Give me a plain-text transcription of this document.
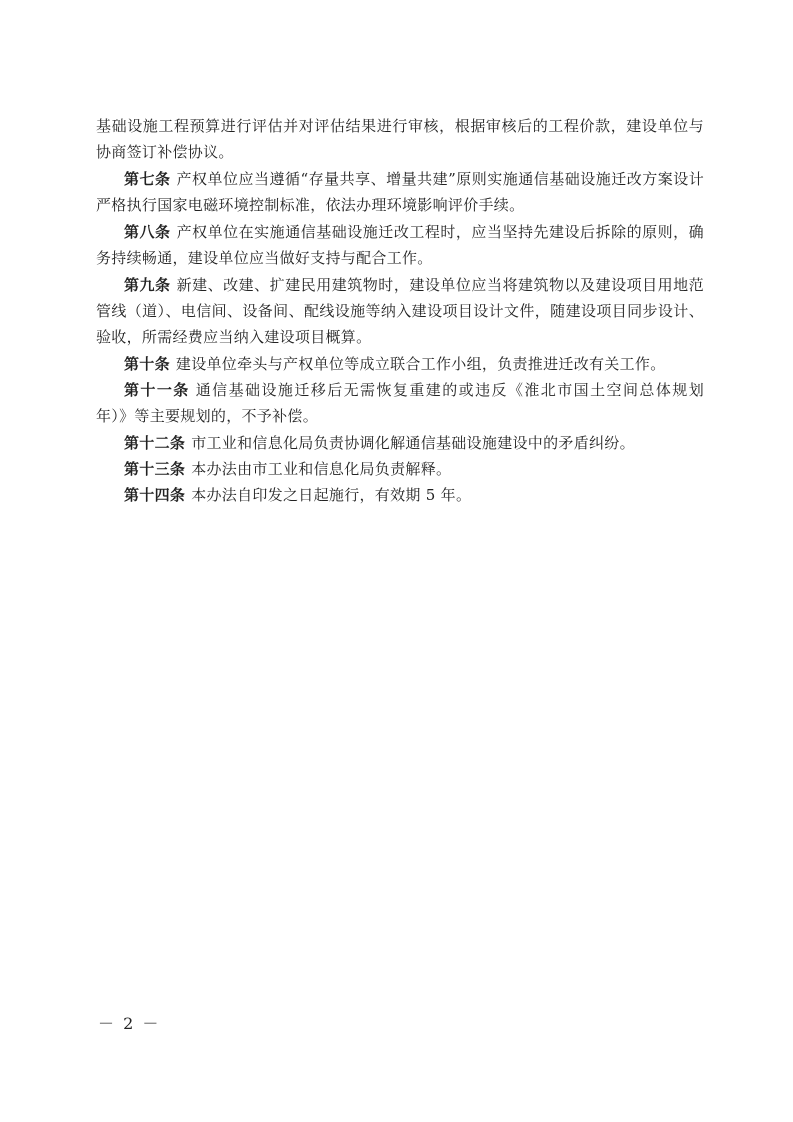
基础设施工程预算进行评估并对评估结果进行审核，根据审核后的工程价款，建设单位与
协商签订补偿协议。
第七条 产权单位应当遵循“存量共享、增量共建”原则实施通信基础设施迁改方案设计
严格执行国家电磁环境控制标准，依法办理环境影响评价手续。
第八条 产权单位在实施通信基础设施迁改工程时，应当坚持先建设后拆除的原则，确
务持续畅通，建设单位应当做好支持与配合工作。
第九条 新建、改建、扩建民用建筑物时，建设单位应当将建筑物以及建设项目用地范
管线（道）、电信间、设备间、配线设施等纳入建设项目设计文件，随建设项目同步设计、
验收，所需经费应当纳入建设项目概算。
第十条 建设单位牵头与产权单位等成立联合工作小组，负责推进迁改有关工作。
第十一条 通信基础设施迁移后无需恢复重建的或违反《淮北市国土空间总体规划
年）》等主要规划的，不予补偿。
第十二条 市工业和信息化局负责协调化解通信基础设施建设中的矛盾纠纷。
第十三条 本办法由市工业和信息化局负责解释。
第十四条 本办法自印发之日起施行，有效期 5 年。
－ 2 －
